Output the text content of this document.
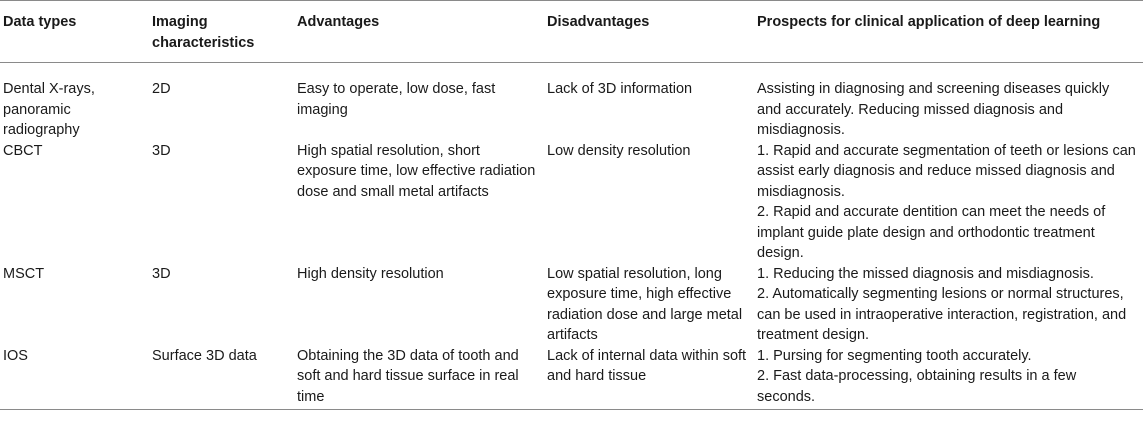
Data types	Imaging characteristics	Advantages	Disadvantages	Prospects for clinical application of deep learning
Dental X-rays, panoramic radiography	2D	Easy to operate, low dose, fast imaging	Lack of 3D information	Assisting in diagnosing and screening diseases quickly and accurately. Reducing missed diagnosis and misdiagnosis.
CBCT	3D	High spatial resolution, short exposure time, low effective radiation dose and small metal artifacts	Low density resolution	1. Rapid and accurate segmentation of teeth or lesions can assist early diagnosis and reduce missed diagnosis and misdiagnosis.
2. Rapid and accurate dentition can meet the needs of implant guide plate design and orthodontic treatment design.
MSCT	3D	High density resolution	Low spatial resolution, long exposure time, high effective radiation dose and large metal artifacts	1. Reducing the missed diagnosis and misdiagnosis.
2. Automatically segmenting lesions or normal structures, can be used in intraoperative interaction, registration, and treatment design.
IOS	Surface 3D data	Obtaining the 3D data of tooth and soft and hard tissue surface in real time	Lack of internal data within soft and hard tissue	1. Pursing for segmenting tooth accurately.
2. Fast data-processing, obtaining results in a few seconds.
